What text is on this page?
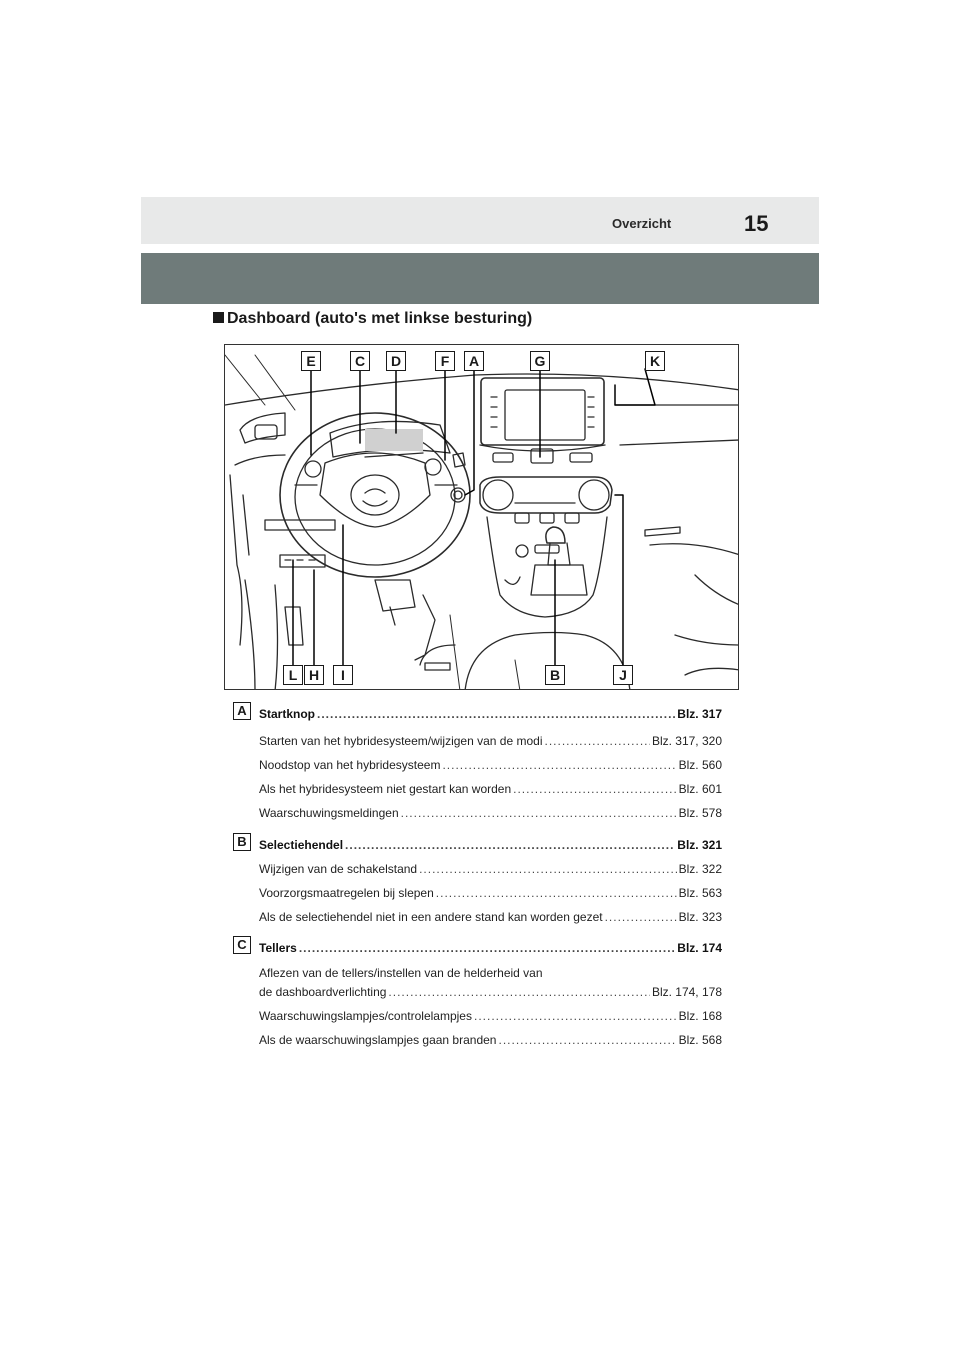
Overzicht	15
Dashboard (auto's met linkse besturing)
E	C	D	F	A	G	K
L H	I	B	J
A	Startknop .....	Blz. 317
Starten van het hybridesysteem/wijzigen van de modi .....	Blz. 317, 320
Noodstop van het hybridesysteem .....	Blz. 560
Als het hybridesysteem niet gestart kan worden .....	Blz. 601
Waarschuwingsmeldingen .....	Blz. 578
B	Selectiehendel .....	Blz. 321
Wijzigen van de schakelstand .....	Blz. 322
Voorzorgsmaatregelen bij slepen .....	Blz. 563
Als de selectiehendel niet in een andere stand kan worden gezet .....	Blz. 323
C	Tellers .....	Blz. 174
Aflezen van de tellers/instellen van de helderheid van
de dashboardverlichting .....	Blz. 174, 178
Waarschuwingslampjes/controlelampjes .....	Blz. 168
Als de waarschuwingslampjes gaan branden .....	Blz. 568
